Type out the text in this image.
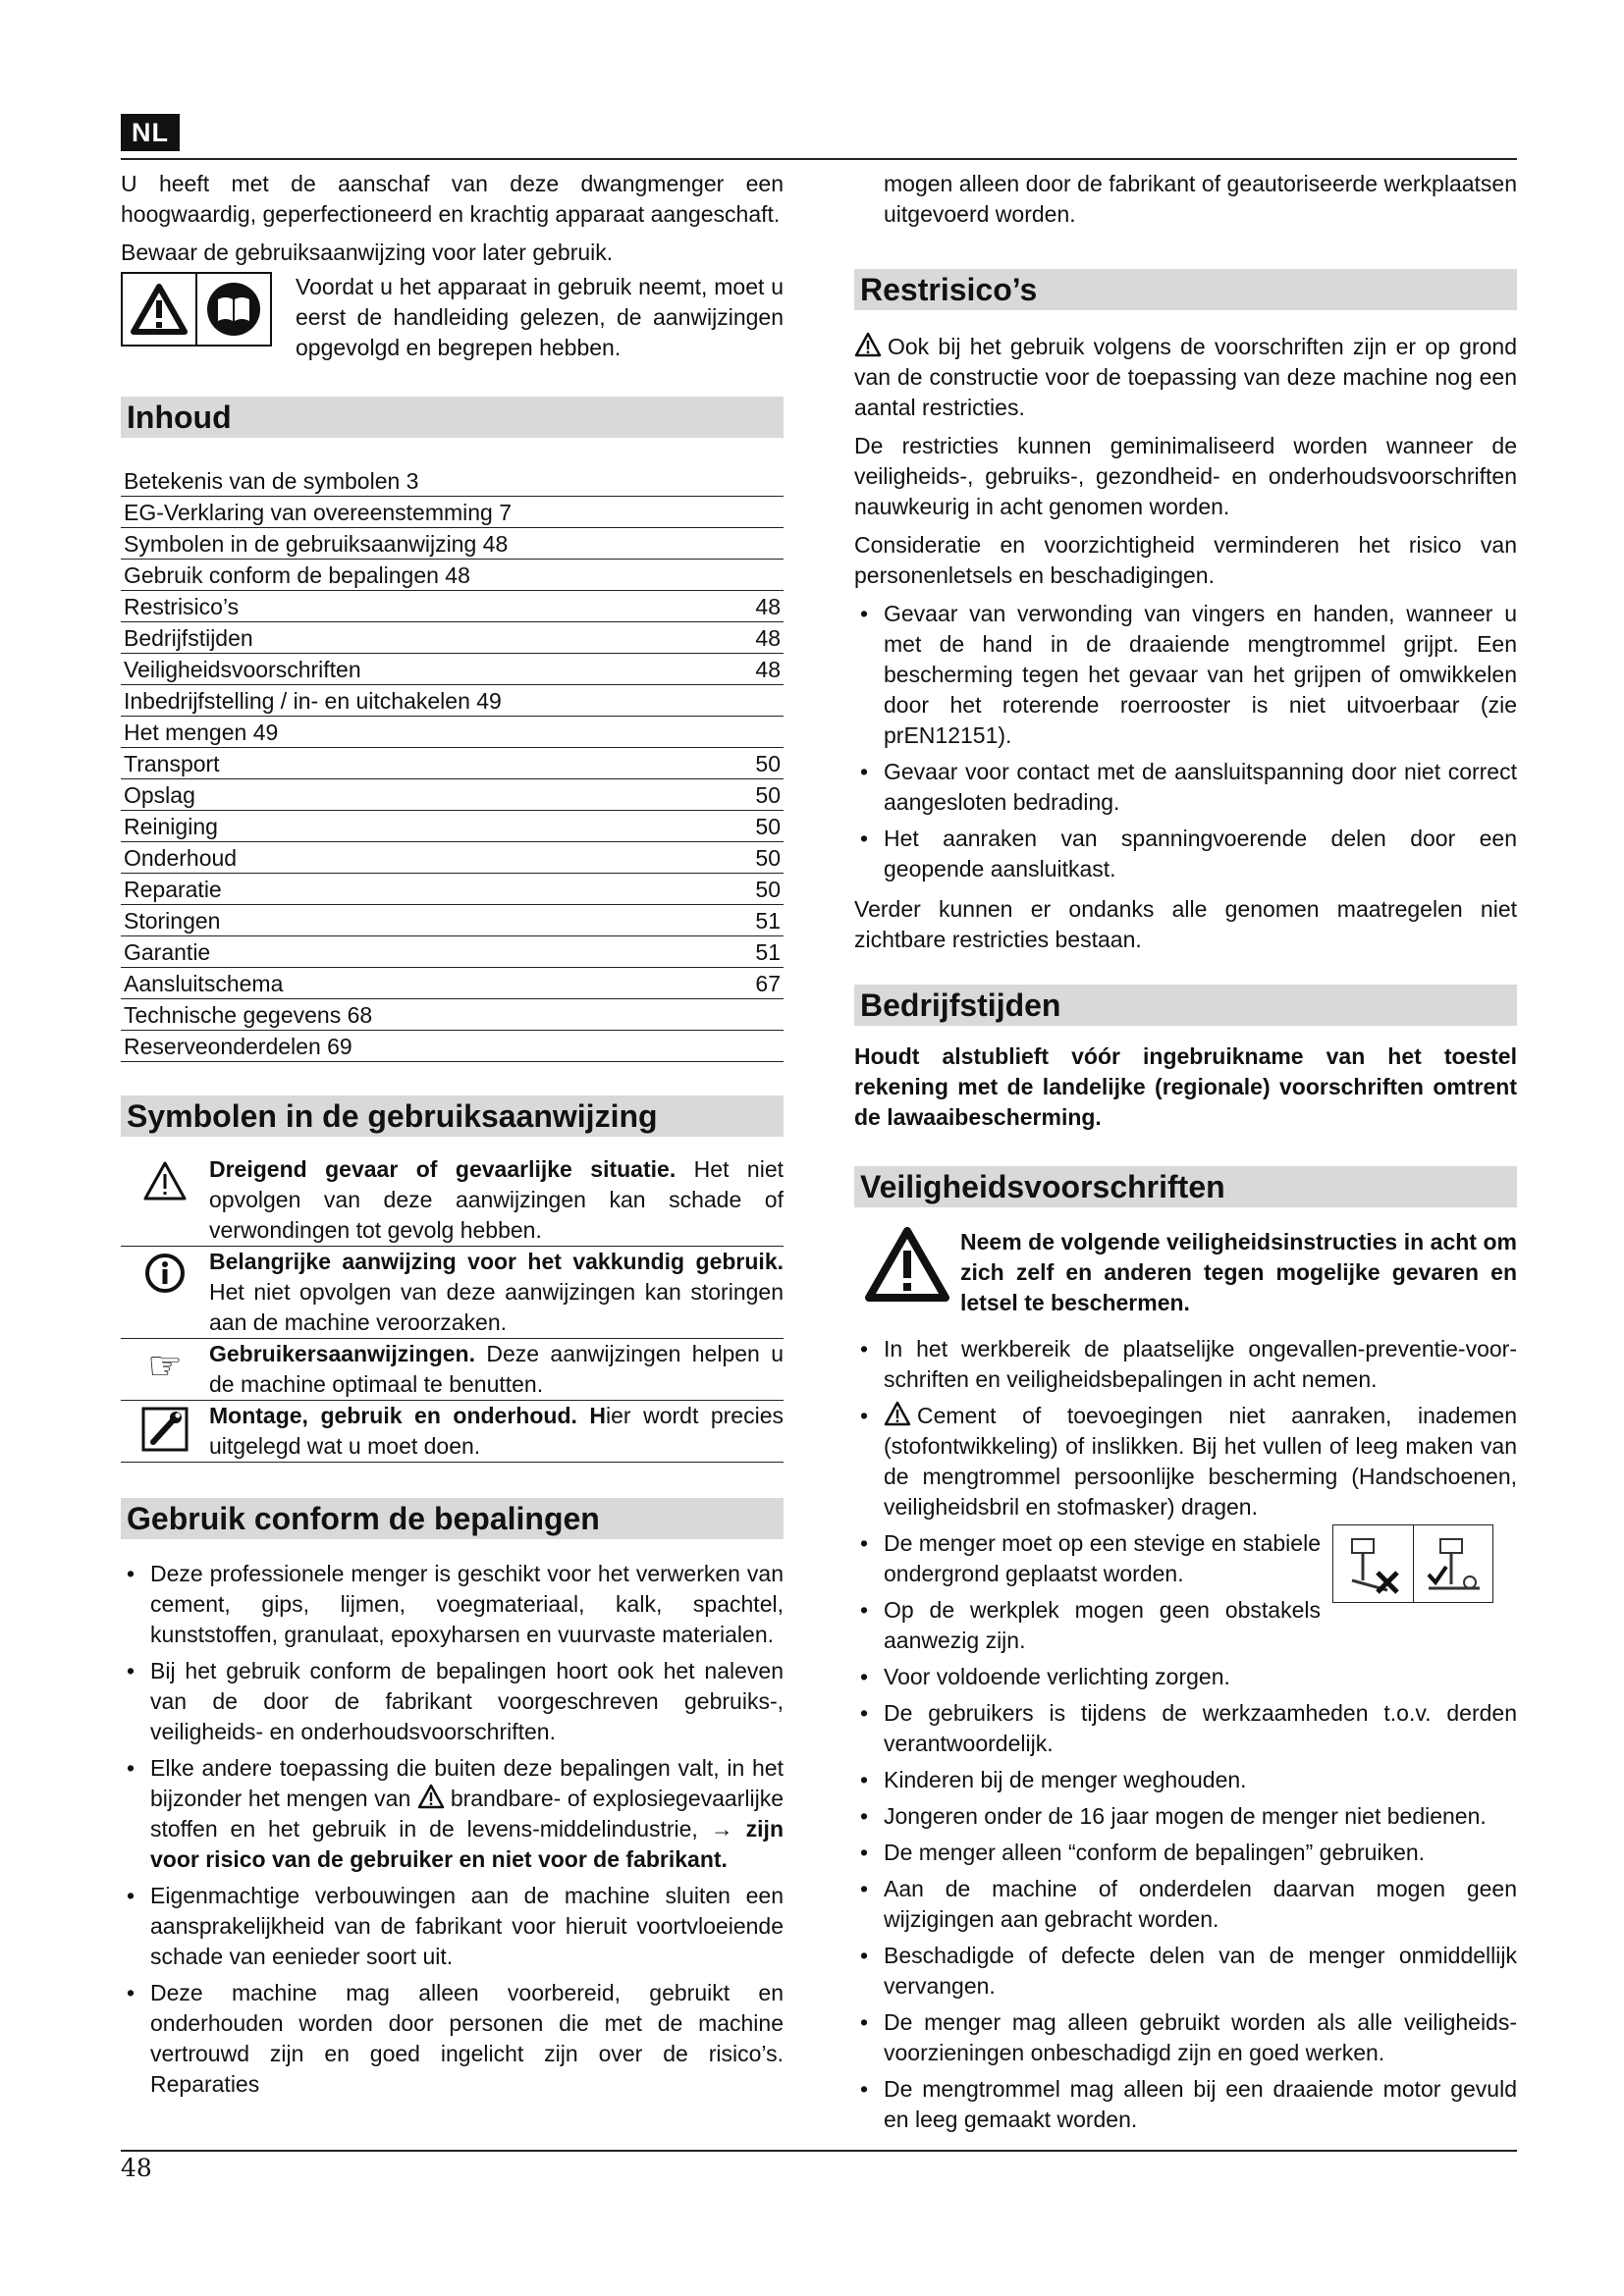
NL

U heeft met de aanschaf van deze dwangmenger een hoogwaardig, geperfectioneerd en krachtig apparaat aangeschaft.

Bewaar de gebruiksaanwijzing voor later gebruik.

Voordat u het apparaat in gebruik neemt, moet u eerst de handleiding gelezen, de aanwijzingen opgevolgd en begrepen hebben.

Inhoud
Betekenis van de symbolen 3
EG-Verklaring van overeenstemming 7
Symbolen in de gebruiksaanwijzing 48
Gebruik conform de bepalingen 48
Restrisico’s	48
Bedrijfstijden	48
Veiligheidsvoorschriften	48
Inbedrijfstelling / in- en uitchakelen 49
Het mengen 49
Transport	50
Opslag	50
Reiniging	50
Onderhoud	50
Reparatie	50
Storingen	51
Garantie	51
Aansluitschema	67
Technische gegevens 68
Reserveonderdelen 69
Symbolen in de gebruiksaanwijzing
Dreigend gevaar of gevaarlijke situatie. Het niet opvolgen van deze aanwijzingen kan schade of verwondingen tot gevolg hebben.
Belangrijke aanwijzing voor het vakkundig gebruik. Het niet opvolgen van deze aanwijzingen kan storingen aan de machine veroorzaken.
☞	Gebruikersaanwijzingen. Deze aanwijzingen helpen u de machine optimaal te benutten.
Montage, gebruik en onderhoud. Hier wordt precies uitgelegd wat u moet doen.
Gebruik conform de bepalingen
• Deze professionele menger is geschikt voor het verwerken van cement, gips, lijmen, voegmateriaal, kalk, spachtel, kunststoffen, granulaat, epoxyharsen en vuurvaste materialen.
• Bij het gebruik conform de bepalingen hoort ook het naleven van de door de fabrikant voorgeschreven gebruiks-, veiligheids- en onderhoudsvoorschriften.
• Elke andere toepassing die buiten deze bepalingen valt, in het bijzonder het mengen van brandbare- of explosiegevaarlijke stoffen en het gebruik in de levens-middelindustrie, → zijn voor risico van de gebruiker en niet voor de fabrikant.
• Eigenmachtige verbouwingen aan de machine sluiten een aansprakelijkheid van de fabrikant voor hieruit voortvloeiende schade van eenieder soort uit.
• Deze machine mag alleen voorbereid, gebruikt en onderhouden worden door personen die met de machine vertrouwd zijn en goed ingelicht zijn over de risico’s. Reparaties

mogen alleen door de fabrikant of geautoriseerde werkplaatsen uitgevoerd worden.

Restrisico’s

Ook bij het gebruik volgens de voorschriften zijn er op grond van de constructie voor de toepassing van deze machine nog een aantal restricties.

De restricties kunnen geminimaliseerd worden wanneer de veiligheids-, gebruiks-, gezondheid- en onderhoudsvoorschriften nauwkeurig in acht genomen worden.

Consideratie en voorzichtigheid verminderen het risico van personenletsels en beschadigingen.

• Gevaar van verwonding van vingers en handen, wanneer u met de hand in de draaiende mengtrommel grijpt. Een bescherming tegen het gevaar van het grijpen of omwikkelen door het roterende roerrooster is niet uitvoerbaar (zie prEN12151).
• Gevaar voor contact met de aansluitspanning door niet correct aangesloten bedrading.
• Het aanraken van spanningvoerende delen door een geopende aansluitkast.

Verder kunnen er ondanks alle genomen maatregelen niet zichtbare restricties bestaan.

Bedrijfstijden

Houdt alstublieft vóór ingebruikname van het toestel rekening met de landelijke (regionale) voorschriften omtrent de lawaaibescherming.

Veiligheidsvoorschriften
Neem de volgende veiligheidsinstructies in acht om zich zelf en anderen tegen mogelijke gevaren en letsel te beschermen.
• In het werkbereik de plaatselijke ongevallen-preventie-voor-schriften en veiligheidsbepalingen in acht nemen.
• Cement of toevoegingen niet aanraken, inademen (stofontwikkeling) of inslikken. Bij het vullen of leeg maken van de mengtrommel persoonlijke bescherming (Handschoenen, veiligheidsbril en stofmasker) dragen.
• De menger moet op een stevige en stabiele ondergrond geplaatst worden.
• Op de werkplek mogen geen obstakels aanwezig zijn.
• Voor voldoende verlichting zorgen.
• De gebruikers is tijdens de werkzaamheden t.o.v. derden verantwoordelijk.
• Kinderen bij de menger weghouden.
• Jongeren onder de 16 jaar mogen de menger niet bedienen.
• De menger alleen “conform de bepalingen” gebruiken.
• Aan de machine of onderdelen daarvan mogen geen wijzigingen aan gebracht worden.
• Beschadigde of defecte delen van de menger onmiddellijk vervangen.
• De menger mag alleen gebruikt worden als alle veiligheids-voorzieningen onbeschadigd zijn en goed werken.
• De mengtrommel mag alleen bij een draaiende motor gevuld en leeg gemaakt worden.
48
